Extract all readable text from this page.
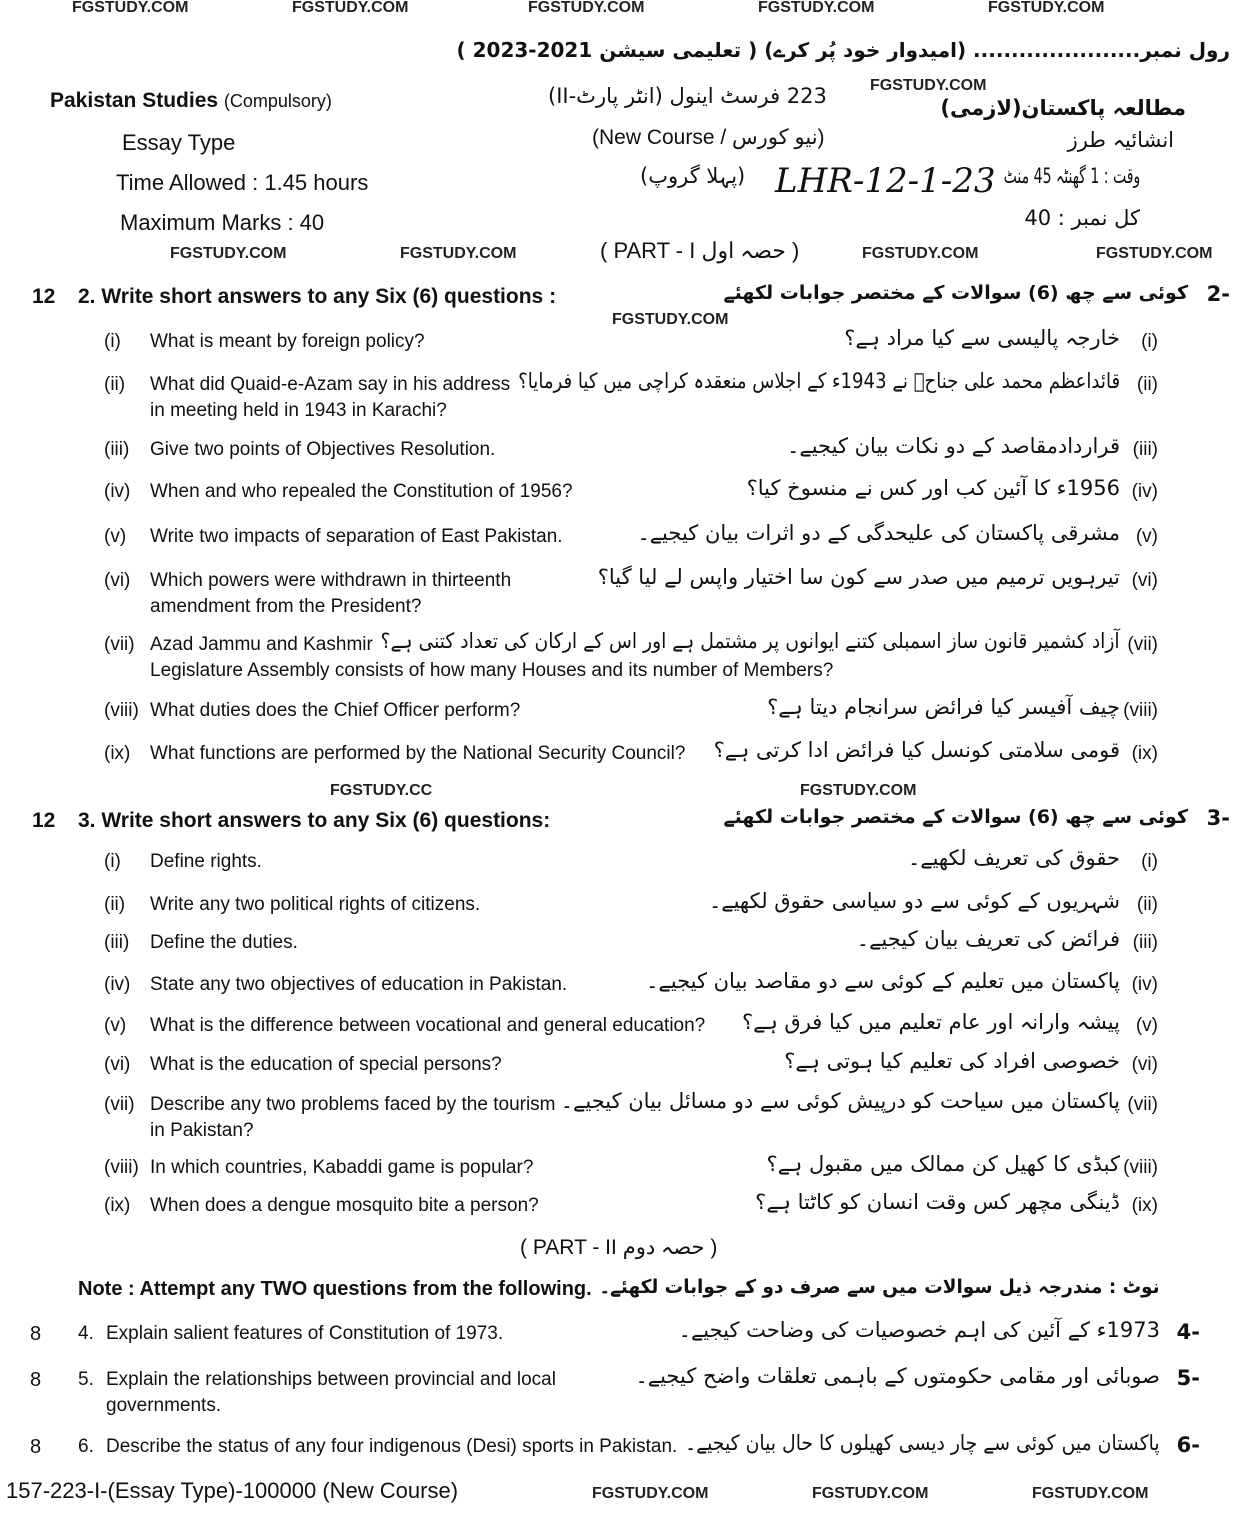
FGSTUDY.COM	FGSTUDY.COM	FGSTUDY.COM	FGSTUDY.COM	FGSTUDY.COM
رول نمبر...................... (امیدوار خود پُر کرے) ( تعلیمی سیشن 2021-2023 )
Pakistan Studies (Compulsory)	223 فرسٹ اینول (انٹر پارٹ-II)	FGSTUDY.COM
مطالعہ پاکستان(لازمی)
Essay Type	(New Course / نیو کورس)	انشائیہ طرز
Time Allowed : 1.45 hours	(پہلا گروپ) LHR-12-1-23 وقت : 1 گھنٹہ 45 منٹ
Maximum Marks : 40	کل نمبر : 40
FGSTUDY.COM	FGSTUDY.COM	( PART - I حصہ اول )	FGSTUDY.COM	FGSTUDY.COM
12 2. Write short answers to any Six (6) questions :	کوئی سے چھ (6) سوالات کے مختصر جوابات لکھئے -2
(i) What is meant by foreign policy?	خارجہ پالیسی سے کیا مراد ہے؟ (i)
(ii) What did Quaid-e-Azam say in his address
in meeting held in 1943 in Karachi?
قائداعظم محمد علی جناحؒ نے 1943ء کے اجلاس منعقدہ کراچی میں کیا فرمایا؟ (ii)
(iii) Give two points of Objectives Resolution.	قراردادمقاصد کے دو نکات بیان کیجیے۔ (iii)
(iv) When and who repealed the Constitution of 1956?	1956ء کا آئین کب اور کس نے منسوخ کیا؟ (iv)
(v) Write two impacts of separation of East Pakistan.	مشرقی پاکستان کی علیحدگی کے دو اثرات بیان کیجیے۔ (v)
(vi) Which powers were withdrawn in thirteenth
amendment from the President?
تیرہویں ترمیم میں صدر سے کون سا اختیار واپس لے لیا گیا؟ (vi)
(vii) Azad Jammu and Kashmir
Legislature Assembly consists of how many Houses and its number of Members?
آزاد کشمیر قانون ساز اسمبلی کتنے ایوانوں پر مشتمل ہے اور اس کے ارکان کی تعداد کتنی ہے؟ (vii)
(viii) What duties does the Chief Officer perform?	چیف آفیسر کیا فرائض سرانجام دیتا ہے؟ (viii)
(ix) What functions are performed by the National Security Council? قومی سلامتی کونسل کیا فرائض ادا کرتی ہے؟ (ix)
12 3. Write short answers to any Six (6) questions:	کوئی سے چھ (6) سوالات کے مختصر جوابات لکھئے -3
(i) Define rights.	حقوق کی تعریف لکھیے۔ (i)
(ii) Write any two political rights of citizens.	شہریوں کے کوئی سے دو سیاسی حقوق لکھیے۔ (ii)
(iii) Define the duties.	فرائض کی تعریف بیان کیجیے۔ (iii)
(iv) State any two objectives of education in Pakistan.	پاکستان میں تعلیم کے کوئی سے دو مقاصد بیان کیجیے۔ (iv)
(v) What is the difference between vocational and general education? پیشہ وارانہ اور عام تعلیم میں کیا فرق ہے؟ (v)
(vi) What is the education of special persons?	خصوصی افراد کی تعلیم کیا ہوتی ہے؟ (vi)
(vii) Describe any two problems faced by the tourism
in Pakistan?
پاکستان میں سیاحت کو درپیش کوئی سے دو مسائل بیان کیجیے۔ (vii)
(viii) In which countries, Kabaddi game is popular?	کبڈی کا کھیل کن ممالک میں مقبول ہے؟ (viii)
(ix) When does a dengue mosquito bite a person?	ڈینگی مچھر کس وقت انسان کو کاٹتا ہے؟ (ix)
8 4. Explain salient features of Constitution of 1973.	1973ء کے آئین کی اہم خصوصیات کی وضاحت کیجیے۔ -4
8 5. Explain the relationships between provincial and local
governments.
صوبائی اور مقامی حکومتوں کے باہمی تعلقات واضح کیجیے۔ -5
8 6. Describe the status of any four indigenous (Desi) sports in Pakistan. پاکستان میں کوئی سے چار دیسی کھیلوں کا حال بیان کیجیے۔ -6
FGSTUDY.COM
FGSTUDY.CC	FGSTUDY.COM
( PART - II حصہ دوم )
Note : Attempt any TWO questions from the following. نوٹ : مندرجہ ذیل سوالات میں سے صرف دو کے جوابات لکھئے۔
157-223-I-(Essay Type)-100000 (New Course)	FGSTUDY.COM	FGSTUDY.COM	FGSTUDY.COM
